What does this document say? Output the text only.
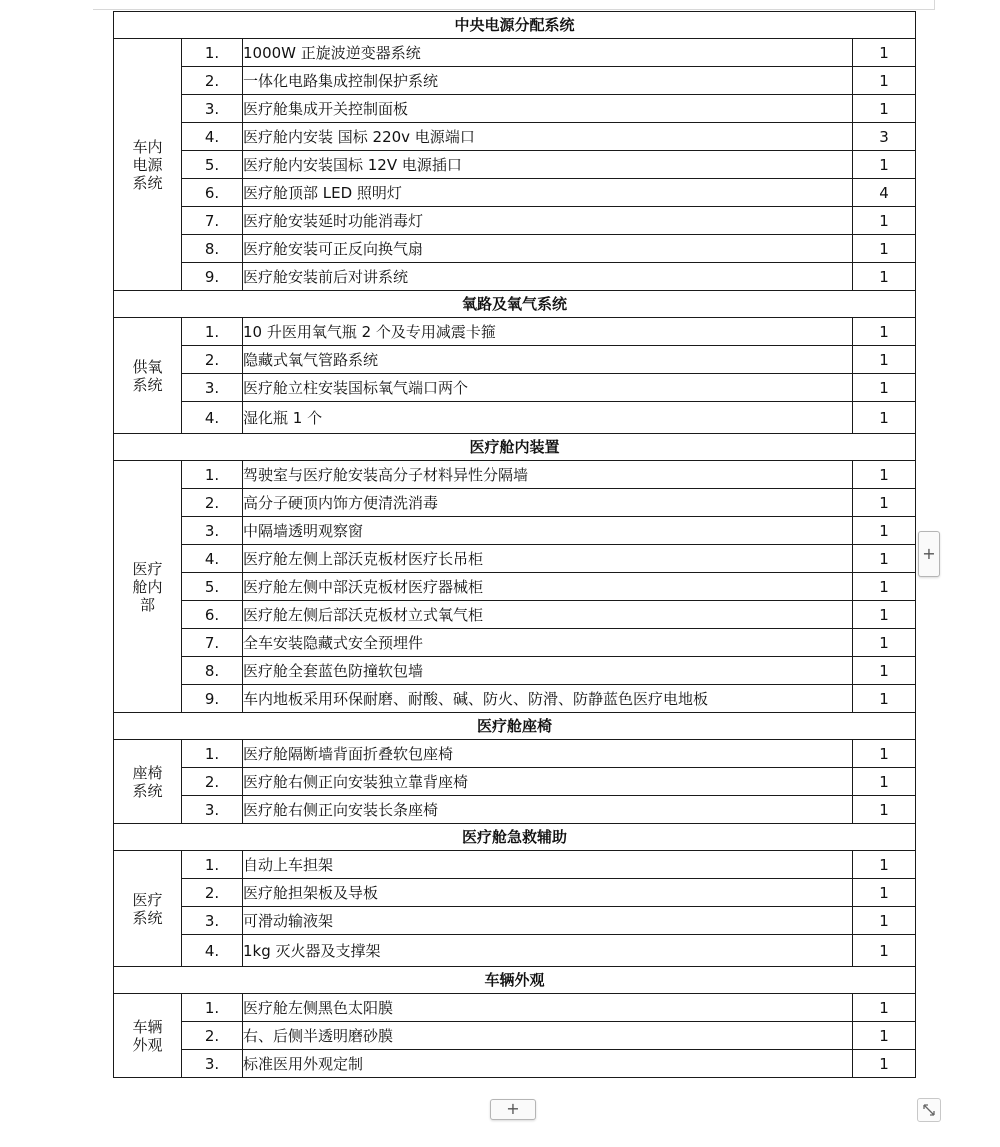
中央电源分配系统			
车内
电源
系统	1.	1000W 正旋波逆变器系统	1
	2.	一体化电路集成控制保护系统	1
	3.	医疗舱集成开关控制面板	1
	4.	医疗舱内安装 国标 220v 电源端口	3
	5.	医疗舱内安装国标 12V 电源插口	1
	6.	医疗舱顶部 LED 照明灯	4
	7.	医疗舱安装延时功能消毒灯	1
	8.	医疗舱安装可正反向换气扇	1
	9.	医疗舱安装前后对讲系统	1
氧路及氧气系统			
供氧
系统	1.	10 升医用氧气瓶 2 个及专用减震卡箍	1
	2.	隐藏式氧气管路系统	1
	3.	医疗舱立柱安装国标氧气端口两个	1
	4.	湿化瓶 1 个	1
医疗舱内装置			
医疗
舱内
部	1.	驾驶室与医疗舱安装高分子材料异性分隔墙	1
	2.	高分子硬顶内饰方便清洗消毒	1
	3.	中隔墙透明观察窗	1
	4.	医疗舱左侧上部沃克板材医疗长吊柜	1
	5.	医疗舱左侧中部沃克板材医疗器械柜	1
	6.	医疗舱左侧后部沃克板材立式氧气柜	1
	7.	全车安装隐藏式安全预埋件	1
	8.	医疗舱全套蓝色防撞软包墙	1
	9.	车内地板采用环保耐磨、耐酸、碱、防火、防滑、防静蓝色医疗电地板	1
医疗舱座椅			
座椅
系统	1.	医疗舱隔断墙背面折叠软包座椅	1
	2.	医疗舱右侧正向安装独立靠背座椅	1
	3.	医疗舱右侧正向安装长条座椅	1
医疗舱急救辅助			
医疗
系统	1.	自动上车担架	1
	2.	医疗舱担架板及导板	1
	3.	可滑动输液架	1
	4.	1kg 灭火器及支撑架	1
车辆外观			
车辆
外观	1.	医疗舱左侧黑色太阳膜	1
	2.	右、后侧半透明磨砂膜	1
	3.	标准医用外观定制	1
+
+
